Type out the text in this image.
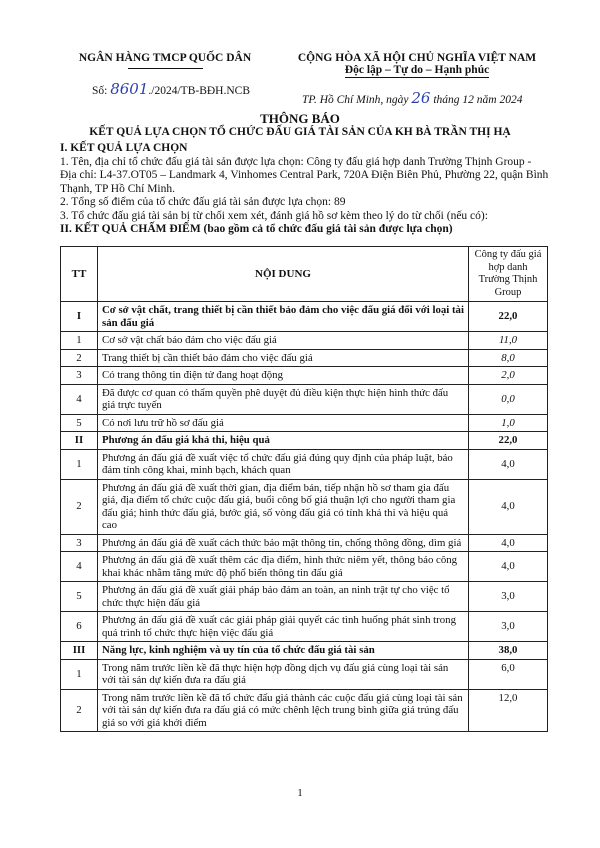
NGÂN HÀNG TMCP QUỐC DÂN	CỘNG HÒA XÃ HỘI CHỦ NGHĨA VIỆT NAM
Độc lập – Tự do – Hạnh phúc
Số: 8601./2024/TB-BĐH.NCB
TP. Hồ Chí Minh, ngày 26 tháng 12 năm 2024
THÔNG BÁO
KẾT QUẢ LỰA CHỌN TỔ CHỨC ĐẤU GIÁ TÀI SẢN CỦA KH BÀ TRẦN THỊ HẠ
I. KẾT QUẢ LỰA CHỌN
1. Tên, địa chỉ tổ chức đấu giá tài sản được lựa chọn: Công ty đấu giá hợp danh Trường Thịnh Group - Địa chỉ: L4-37.OT05 – Landmark 4, Vinhomes Central Park, 720A Điện Biên Phủ, Phường 22, quận Bình Thạnh, TP Hồ Chí Minh.
2. Tổng số điểm của tổ chức đấu giá tài sản được lựa chọn: 89
3. Tổ chức đấu giá tài sản bị từ chối xem xét, đánh giá hồ sơ kèm theo lý do từ chối (nếu có):
II. KẾT QUẢ CHẤM ĐIỂM (bao gồm cả tổ chức đấu giá tài sản được lựa chọn)
TT	NỘI DUNG	Công ty đấu giá hợp danh Trường Thịnh Group
I	Cơ sở vật chất, trang thiết bị cần thiết bảo đảm cho việc đấu giá đối với loại tài sản đấu giá	22,0
1	Cơ sở vật chất bảo đảm cho việc đấu giá	11,0
2	Trang thiết bị cần thiết bảo đảm cho việc đấu giá	8,0
3	Có trang thông tin điện tử đang hoạt động	2,0
4	Đã được cơ quan có thẩm quyền phê duyệt đủ điều kiện thực hiện hình thức đấu giá trực tuyến	0,0
5	Có nơi lưu trữ hồ sơ đấu giá	1,0
II	Phương án đấu giá khả thi, hiệu quả	22,0
1	Phương án đấu giá đề xuất việc tổ chức đấu giá đúng quy định của pháp luật, bảo đảm tính công khai, minh bạch, khách quan	4,0
2	Phương án đấu giá đề xuất thời gian, địa điểm bán, tiếp nhận hồ sơ tham gia đấu giá, địa điểm tổ chức cuộc đấu giá, buổi công bố giá thuận lợi cho người tham gia đấu giá; hình thức đấu giá, bước giá, số vòng đấu giá có tính khả thi và hiệu quả cao	4,0
3	Phương án đấu giá đề xuất cách thức bảo mật thông tin, chống thông đồng, dìm giá	4,0
4	Phương án đấu giá đề xuất thêm các địa điểm, hình thức niêm yết, thông báo công khai khác nhằm tăng mức độ phổ biến thông tin đấu giá	4,0
5	Phương án đấu giá đề xuất giải pháp bảo đảm an toàn, an ninh trật tự cho việc tổ chức thực hiện đấu giá	3,0
6	Phương án đấu giá đề xuất các giải pháp giải quyết các tình huống phát sinh trong quá trình tổ chức thực hiện việc đấu giá	3,0
III	Năng lực, kinh nghiệm và uy tín của tổ chức đấu giá tài sản	38,0
1	Trong năm trước liền kề đã thực hiện hợp đồng dịch vụ đấu giá cùng loại tài sản với tài sản dự kiến đưa ra đấu giá	6,0
2	Trong năm trước liền kề đã tổ chức đấu giá thành các cuộc đấu giá cùng loại tài sản với tài sản dự kiến đưa ra đấu giá có mức chênh lệch trung bình giữa giá trúng đấu giá so với giá khởi điểm	12,0
1
